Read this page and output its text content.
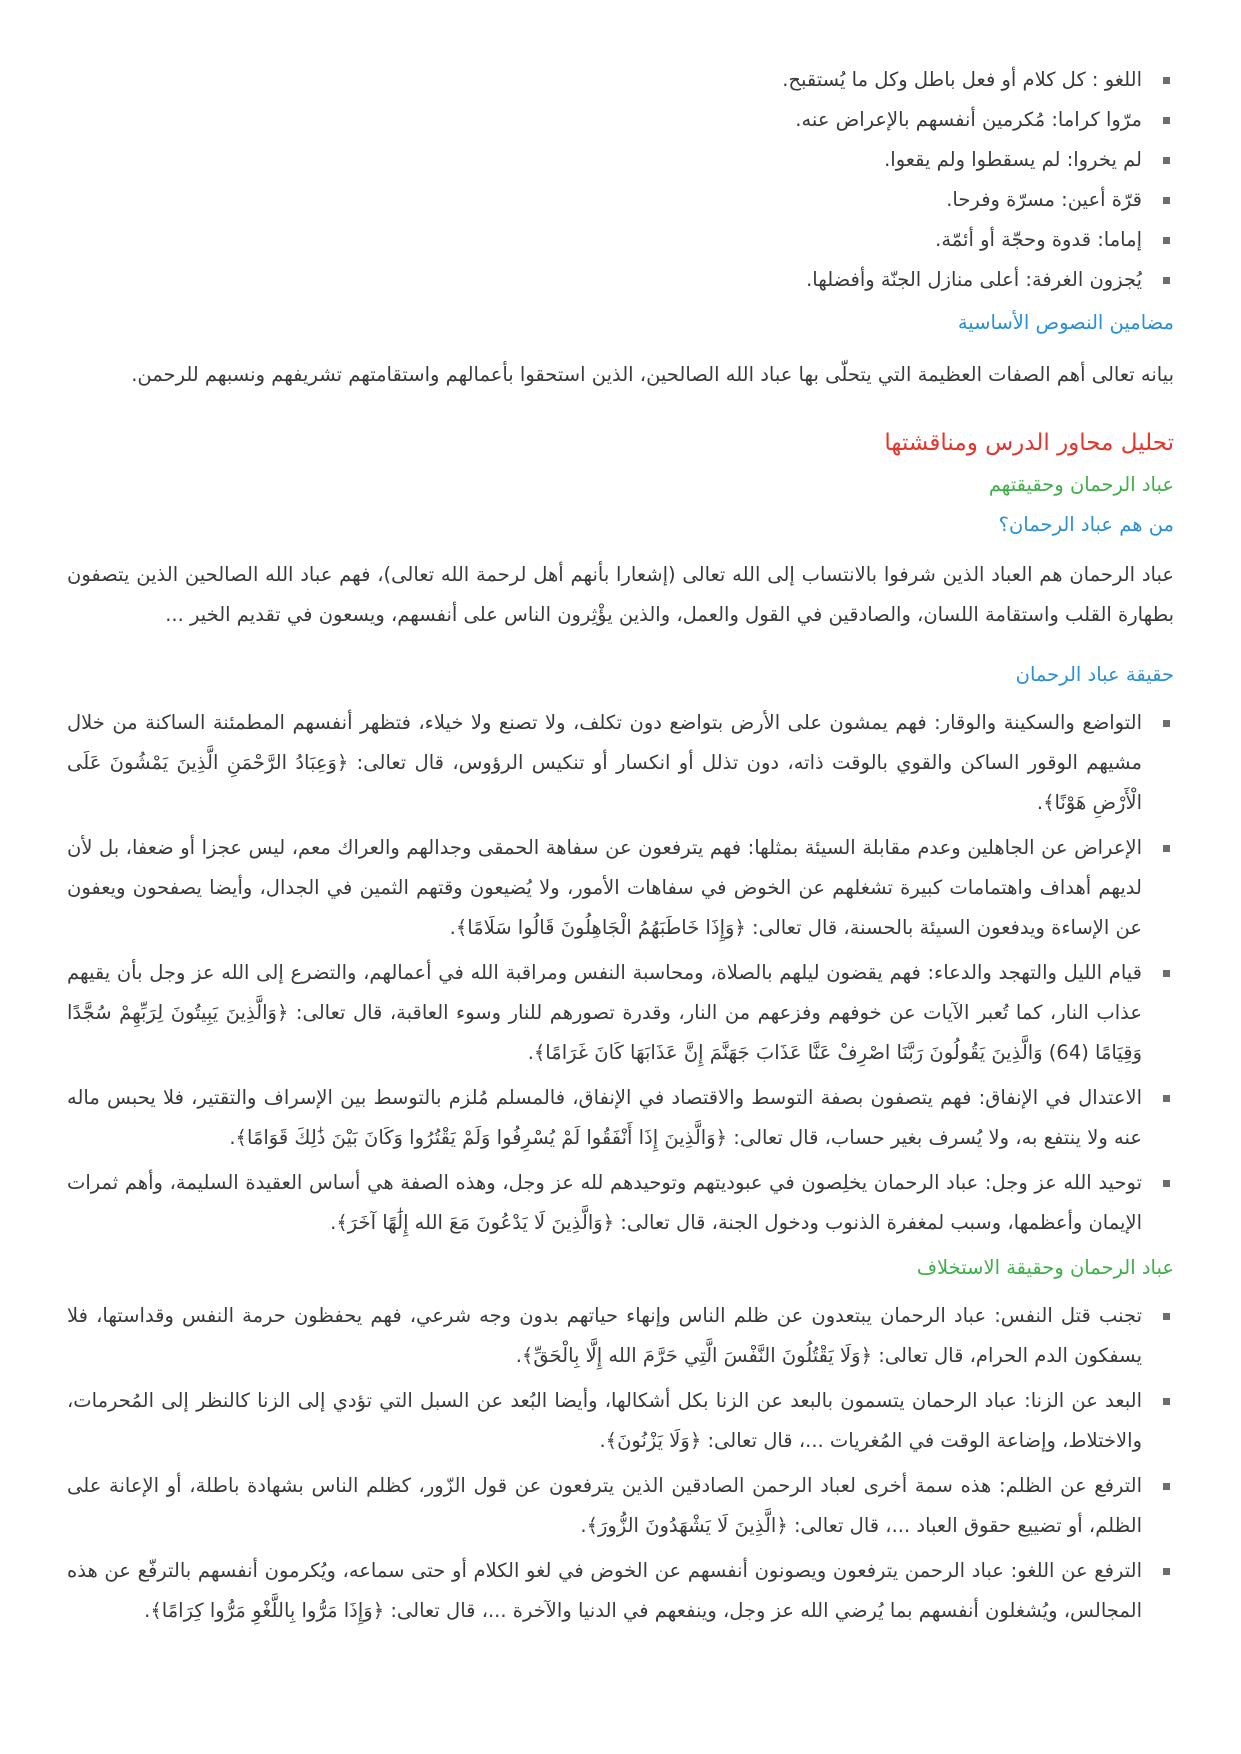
اللغو : كل كلام أو فعل باطل وكل ما يُستقبح.
مرّوا كراما: مُكرمين أنفسهم بالإعراض عنه.
لم يخروا: لم يسقطوا ولم يقعوا.
قرّة أعين: مسرّة وفرحا.
إماما: قدوة وحجّة أو أئمّة.
يُجزون الغرفة: أعلى منازل الجنّة وأفضلها.
مضامين النصوص الأساسية

بيانه تعالى أهم الصفات العظيمة التي يتحلّى بها عباد الله الصالحين، الذين استحقوا بأعمالهم واستقامتهم تشريفهم ونسبهم للرحمن.

تحليل محاور الدرس ومناقشتها
عباد الرحمان وحقيقتهم
من هم عباد الرحمان؟

عباد الرحمان هم العباد الذين شرفوا بالانتساب إلى الله تعالى (إشعارا بأنهم أهل لرحمة الله تعالى)، فهم عباد الله الصالحين الذين يتصفون بطهارة القلب واستقامة اللسان، والصادقين في القول والعمل، والذين يؤْثِرون الناس على أنفسهم، ويسعون في تقديم الخير ...

حقيقة عباد الرحمان
التواضع والسكينة والوقار: فهم يمشون على الأرض بتواضع دون تكلف، ولا تصنع ولا خيلاء، فتظهر أنفسهم المطمئنة الساكنة من خلال مشيهم الوقور الساكن والقوي بالوقت ذاته، دون تذلل أو انكسار أو تنكيس الرؤوس، قال تعالى: ﴿وَعِبَادُ الرَّحْمَنِ الَّذِينَ يَمْشُونَ عَلَى الْأَرْضِ هَوْنًا﴾.
الإعراض عن الجاهلين وعدم مقابلة السيئة بمثلها: فهم يترفعون عن سفاهة الحمقى وجدالهم والعراك معم، ليس عجزا أو ضعفا، بل لأن لديهم أهداف واهتمامات كبيرة تشغلهم عن الخوض في سفاهات الأمور، ولا يُضيعون وقتهم الثمين في الجدال، وأيضا يصفحون ويعفون عن الإساءة ويدفعون السيئة بالحسنة، قال تعالى: ﴿وَإِذَا خَاطَبَهُمُ الْجَاهِلُونَ قَالُوا سَلَامًا﴾.
قيام الليل والتهجد والدعاء: فهم يقضون ليلهم بالصلاة، ومحاسبة النفس ومراقبة الله في أعمالهم، والتضرع إلى الله عز وجل بأن يقيهم عذاب النار، كما تُعبر الآيات عن خوفهم وفزعهم من النار، وقدرة تصورهم للنار وسوء العاقبة، قال تعالى: ﴿وَالَّذِينَ يَبِيتُونَ لِرَبِّهِمْ سُجَّدًا وَقِيَامًا (64) وَالَّذِينَ يَقُولُونَ رَبَّنَا اصْرِفْ عَنَّا عَذَابَ جَهَنَّمَ إِنَّ عَذَابَهَا كَانَ غَرَامًا﴾.
الاعتدال في الإنفاق: فهم يتصفون بصفة التوسط والاقتصاد في الإنفاق، فالمسلم مُلزم بالتوسط بين الإسراف والتقتير، فلا يحبس ماله عنه ولا ينتفع به، ولا يُسرف بغير حساب، قال تعالى: ﴿وَالَّذِينَ إِذَا أَنْفَقُوا لَمْ يُسْرِفُوا وَلَمْ يَقْتُرُوا وَكَانَ بَيْنَ ذَٰلِكَ قَوَامًا﴾.
توحيد الله عز وجل: عباد الرحمان يخلِصون في عبوديتهم وتوحيدهم لله عز وجل، وهذه الصفة هي أساس العقيدة السليمة، وأهم ثمرات الإيمان وأعظمها، وسبب لمغفرة الذنوب ودخول الجنة، قال تعالى: ﴿وَالَّذِينَ لَا يَدْعُونَ مَعَ الله إِلَٰهًا آخَرَ﴾.
عباد الرحمان وحقيقة الاستخلاف
تجنب قتل النفس: عباد الرحمان يبتعدون عن ظلم الناس وإنهاء حياتهم بدون وجه شرعي، فهم يحفظون حرمة النفس وقداستها، فلا يسفكون الدم الحرام، قال تعالى: ﴿وَلَا يَقْتُلُونَ النَّفْسَ الَّتِي حَرَّمَ الله إِلَّا بِالْحَقِّ﴾.
البعد عن الزنا: عباد الرحمان يتسمون بالبعد عن الزنا بكل أشكالها، وأيضا البُعد عن السبل التي تؤدي إلى الزنا كالنظر إلى المُحرمات، والاختلاط، وإضاعة الوقت في المُغريات ...، قال تعالى: ﴿وَلَا يَزْنُونَ﴾.
الترفع عن الظلم: هذه سمة أخرى لعباد الرحمن الصادقين الذين يترفعون عن قول الزّور، كظلم الناس بشهادة باطلة، أو الإعانة على الظلم، أو تضييع حقوق العباد ...، قال تعالى: ﴿الَّذِينَ لَا يَشْهَدُونَ الزُّورَ﴾.
الترفع عن اللغو: عباد الرحمن يترفعون ويصونون أنفسهم عن الخوض في لغو الكلام أو حتى سماعه، ويُكرمون أنفسهم بالترفّع عن هذه المجالس، ويُشغلون أنفسهم بما يُرضي الله عز وجل، وينفعهم في الدنيا والآخرة ...، قال تعالى: ﴿وَإِذَا مَرُّوا بِاللَّغْوِ مَرُّوا كِرَامًا﴾.
